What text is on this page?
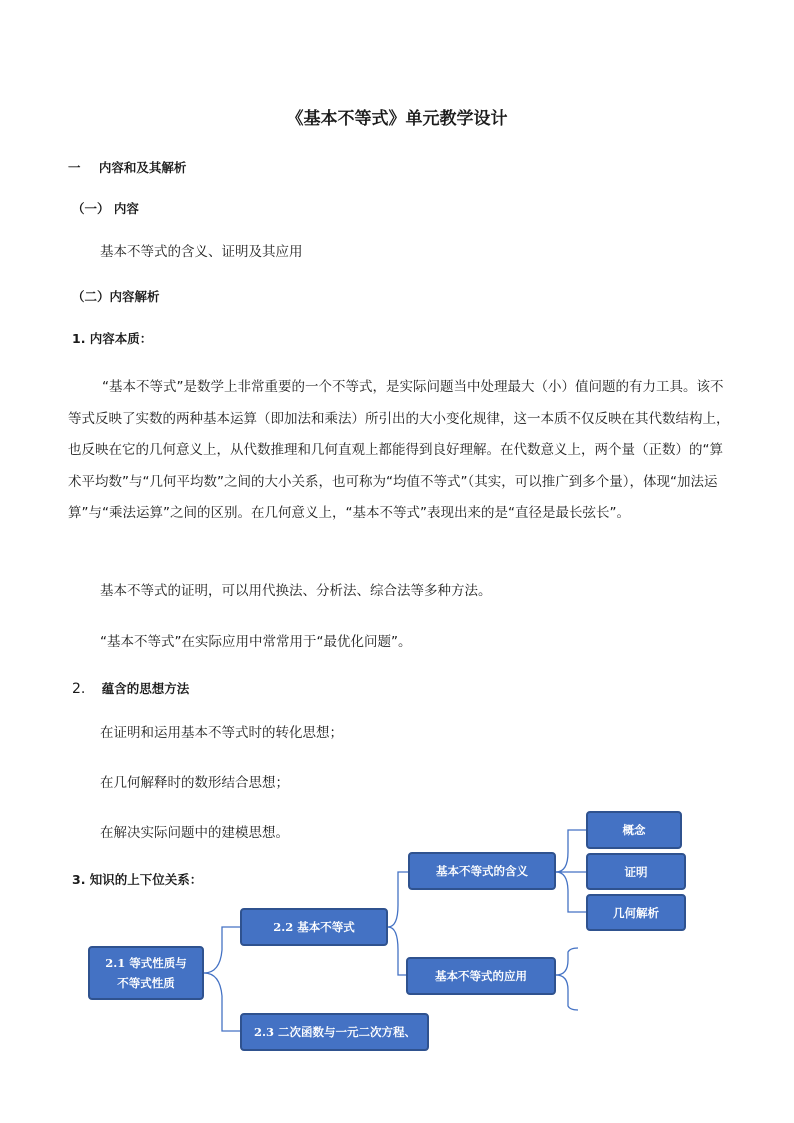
《基本不等式》单元教学设计
一 内容和及其解析
（一） 内容
基本不等式的含义、证明及其应用
（二）内容解析
1. 内容本质：
“基本不等式”是数学上非常重要的一个不等式，是实际问题当中处理最大（小）值问题的有力工具。该不等式反映了实数的两种基本运算（即加法和乘法）所引出的大小变化规律，这一本质不仅反映在其代数结构上，也反映在它的几何意义上，从代数推理和几何直观上都能得到良好理解。在代数意义上，两个量（正数）的“算术平均数”与“几何平均数”之间的大小关系，也可称为“均值不等式”（其实，可以推广到多个量），体现“加法运算”与“乘法运算”之间的区别。在几何意义上，“基本不等式”表现出来的是“直径是最长弦长”。
基本不等式的证明，可以用代换法、分析法、综合法等多种方法。
“基本不等式”在实际应用中常常用于“最优化问题”。
2. 蕴含的思想方法
在证明和运用基本不等式时的转化思想；
在几何解释时的数形结合思想；
在解决实际问题中的建模思想。
3. 知识的上下位关系：
2.1 等式性质与
不等式性质
2.2 基本不等式
2.3 二次函数与一元二次方程、
基本不等式的含义
基本不等式的应用
概念
证明
几何解析
